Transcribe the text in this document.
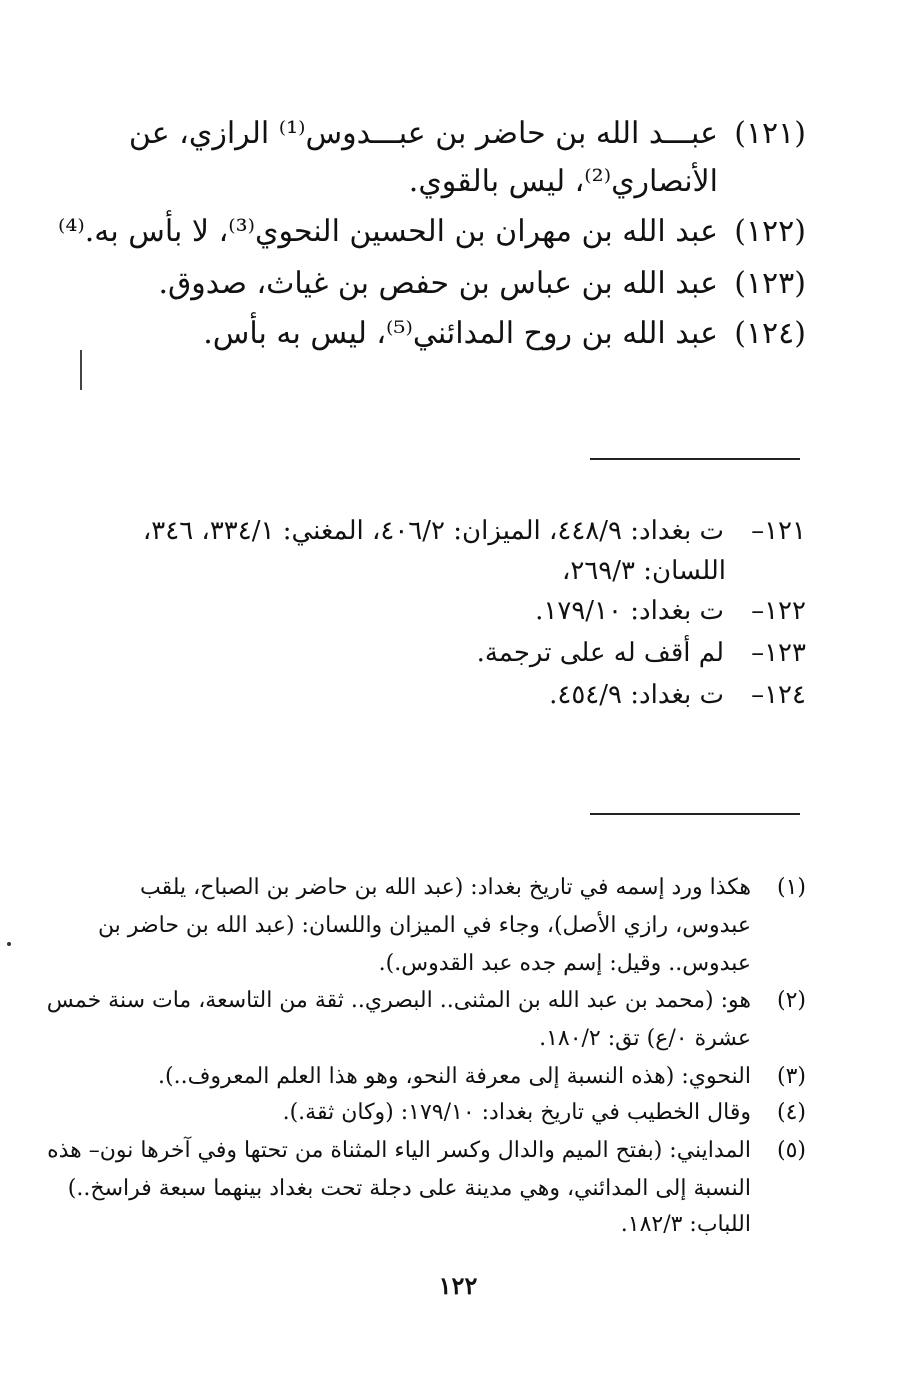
(١٢١)
عبـــد الله بن حاضر بن عبـــدوس⁽¹⁾ الرازي، عن
الأنصاري⁽²⁾، ليس بالقوي.
(١٢٢)
عبد الله بن مهران بن الحسين النحوي⁽³⁾، لا بأس به.⁽⁴⁾
(١٢٣)
عبد الله بن عباس بن حفص بن غياث، صدوق.
(١٢٤)
عبد الله بن روح المدائني⁽⁵⁾، ليس به بأس.
١٢١–
ت بغداد: ٤٤٨/٩، الميزان: ٤٠٦/٢، المغني: ٣٣٤/١، ٣٤٦،
اللسان: ٢٦٩/٣،
١٢٢–
ت بغداد: ١٧٩/١٠.
١٢٣–
لم أقف له على ترجمة.
١٢٤–
ت بغداد: ٤٥٤/٩.
(١)
هكذا ورد إسمه في تاريخ بغداد: (عبد الله بن حاضر بن الصباح، يلقب
عبدوس، رازي الأصل)، وجاء في الميزان واللسان: (عبد الله بن حاضر بن
عبدوس.. وقيل: إسم جده عبد القدوس.).
(٢)
هو: (محمد بن عبد الله بن المثنى.. البصري.. ثقة من التاسعة، مات سنة خمس
عشرة ٠/ع) تق: ١٨٠/٢.
(٣)
النحوي: (هذه النسبة إلى معرفة النحو، وهو هذا العلم المعروف..).
(٤)
وقال الخطيب في تاريخ بغداد: ١٧٩/١٠: (وكان ثقة.).
(٥)
المدايني: (بفتح الميم والدال وكسر الياء المثناة من تحتها وفي آخرها نون– هذه
النسبة إلى المدائني، وهي مدينة على دجلة تحت بغداد بينهما سبعة فراسخ..)
اللباب: ١٨٢/٣.
١٢٢
